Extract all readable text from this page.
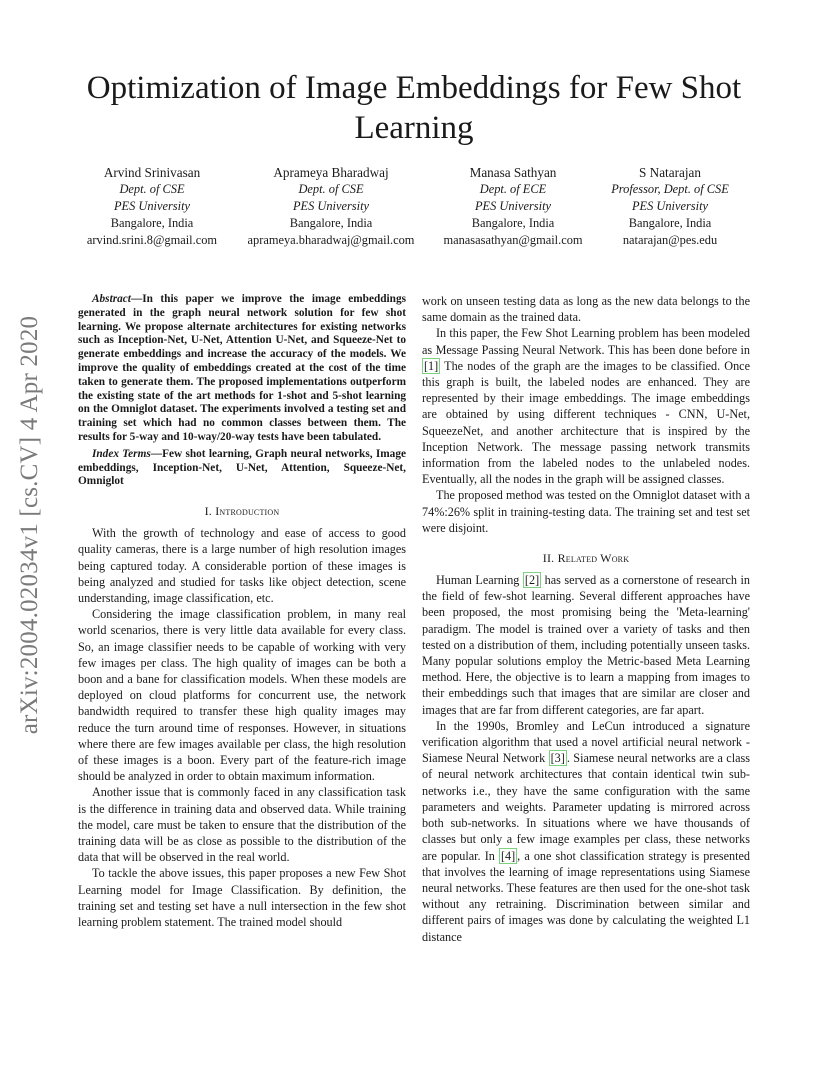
arXiv:2004.02034v1 [cs.CV] 4 Apr 2020
Optimization of Image Embeddings for Few Shot Learning
Arvind Srinivasan
Dept. of CSE
PES University
Bangalore, India
arvind.srini.8@gmail.com
Aprameya Bharadwaj
Dept. of CSE
PES University
Bangalore, India
aprameya.bharadwaj@gmail.com
Manasa Sathyan
Dept. of ECE
PES University
Bangalore, India
manasasathyan@gmail.com
S Natarajan
Professor, Dept. of CSE
PES University
Bangalore, India
natarajan@pes.edu

Abstract—In this paper we improve the image embeddings generated in the graph neural network solution for few shot learning. We propose alternate architectures for existing networks such as Inception-Net, U-Net, Attention U-Net, and Squeeze-Net to generate embeddings and increase the accuracy of the models. We improve the quality of embeddings created at the cost of the time taken to generate them. The proposed implementations outperform the existing state of the art methods for 1-shot and 5-shot learning on the Omniglot dataset. The experiments involved a testing set and training set which had no common classes between them. The results for 5-way and 10-way/20-way tests have been tabulated.

Index Terms—Few shot learning, Graph neural networks, Image embeddings, Inception-Net, U-Net, Attention, Squeeze-Net, Omniglot

I. Introduction

With the growth of technology and ease of access to good quality cameras, there is a large number of high resolution images being captured today. A considerable portion of these images is being analyzed and studied for tasks like object detection, scene understanding, image classification, etc.

Considering the image classification problem, in many real world scenarios, there is very little data available for every class. So, an image classifier needs to be capable of working with very few images per class. The high quality of images can be both a boon and a bane for classification models. When these models are deployed on cloud platforms for concurrent use, the network bandwidth required to transfer these high quality images may reduce the turn around time of responses. However, in situations where there are few images available per class, the high resolution of these images is a boon. Every part of the feature-rich image should be analyzed in order to obtain maximum information.

Another issue that is commonly faced in any classification task is the difference in training data and observed data. While training the model, care must be taken to ensure that the distribution of the training data will be as close as possible to the distribution of the data that will be observed in the real world.

To tackle the above issues, this paper proposes a new Few Shot Learning model for Image Classification. By definition, the training set and testing set have a null intersection in the few shot learning problem statement. The trained model should

work on unseen testing data as long as the new data belongs to the same domain as the trained data.

In this paper, the Few Shot Learning problem has been modeled as Message Passing Neural Network. This has been done before in [1] The nodes of the graph are the images to be classified. Once this graph is built, the labeled nodes are enhanced. They are represented by their image embeddings. The image embeddings are obtained by using different techniques - CNN, U-Net, SqueezeNet, and another architecture that is inspired by the Inception Network. The message passing network transmits information from the labeled nodes to the unlabeled nodes. Eventually, all the nodes in the graph will be assigned classes.

The proposed method was tested on the Omniglot dataset with a 74%:26% split in training-testing data. The training set and test set were disjoint.

II. Related Work

Human Learning [2] has served as a cornerstone of research in the field of few-shot learning. Several different approaches have been proposed, the most promising being the 'Meta-learning' paradigm. The model is trained over a variety of tasks and then tested on a distribution of them, including potentially unseen tasks. Many popular solutions employ the Metric-based Meta Learning method. Here, the objective is to learn a mapping from images to their embeddings such that images that are similar are closer and images that are far from different categories, are far apart.

In the 1990s, Bromley and LeCun introduced a signature verification algorithm that used a novel artificial neural network - Siamese Neural Network [3] . Siamese neural networks are a class of neural network architectures that contain identical twin sub-networks i.e., they have the same configuration with the same parameters and weights. Parameter updating is mirrored across both sub-networks. In situations where we have thousands of classes but only a few image examples per class, these networks are popular. In [4] , a one shot classification strategy is presented that involves the learning of image representations using Siamese neural networks. These features are then used for the one-shot task without any retraining. Discrimination between similar and different pairs of images was done by calculating the weighted L1 distance
